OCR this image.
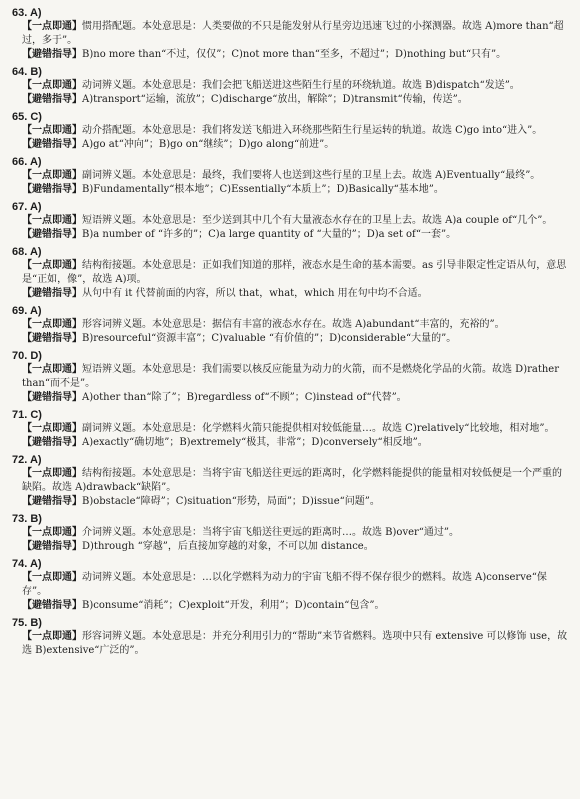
63. A)
【一点即通】惯用搭配题。本处意思是：人类要做的不只是能发射从行星旁边迅速飞过的小探测器。故选 A)more than“超过，多于”。
【避错指导】B)no more than“不过，仅仅”；C)not more than“至多，不超过”；D)nothing but“只有”。
64. B)
【一点即通】动词辨义题。本处意思是：我们会把飞船送进这些陌生行星的环绕轨道。故选 B)dispatch“发送”。
【避错指导】A)transport“运输，流放”；C)discharge“放出，解除”；D)transmit“传输，传送”。
65. C)
【一点即通】动介搭配题。本处意思是：我们将发送飞船进入环绕那些陌生行星运转的轨道。故选 C)go into“进入”。
【避错指导】A)go at“冲向”；B)go on“继续”；D)go along“前进”。
66. A)
【一点即通】副词辨义题。本处意思是：最终，我们要将人也送到这些行星的卫星上去。故选 A)Eventually“最终”。
【避错指导】B)Fundamentally“根本地”；C)Essentially“本质上”；D)Basically“基本地”。
67. A)
【一点即通】短语辨义题。本处意思是：至少送到其中几个有大量液态水存在的卫星上去。故选 A)a couple of“几个”。
【避错指导】B)a number of “许多的”；C)a large quantity of “大量的”；D)a set of“一套”。
68. A)
【一点即通】结构衔接题。本处意思是：正如我们知道的那样，液态水是生命的基本需要。as 引导非限定性定语从句，意思是“正如，像”，故选 A)项。
【避错指导】从句中有 it 代替前面的内容，所以 that，what，which 用在句中均不合适。
69. A)
【一点即通】形容词辨义题。本处意思是：据信有丰富的液态水存在。故选 A)abundant“丰富的，充裕的”。
【避错指导】B)resourceful“资源丰富”；C)valuable “有价值的”；D)considerable“大量的”。
70. D)
【一点即通】短语辨义题。本处意思是：我们需要以核反应能量为动力的火箭，而不是燃烧化学品的火箭。故选 D)rather than“而不是”。
【避错指导】A)other than“除了”；B)regardless of“不顾”；C)instead of“代替”。
71. C)
【一点即通】副词辨义题。本处意思是：化学燃料火箭只能提供相对较低能量…。故选 C)relatively“比较地，相对地”。
【避错指导】A)exactly“确切地”；B)extremely“极其，非常”；D)conversely“相反地”。
72. A)
【一点即通】结构衔接题。本处意思是：当将宇宙飞船送往更远的距离时，化学燃料能提供的能量相对较低便是一个严重的缺陷。故选 A)drawback“缺陷”。
【避错指导】B)obstacle“障碍”；C)situation“形势，局面”；D)issue“问题”。
73. B)
【一点即通】介词辨义题。本处意思是：当将宇宙飞船送往更远的距离时…。故选 B)over“通过”。
【避错指导】D)through “穿越”，后直接加穿越的对象，不可以加 distance。
74. A)
【一点即通】动词辨义题。本处意思是：…以化学燃料为动力的宇宙飞船不得不保存很少的燃料。故选 A)conserve“保存”。
【避错指导】B)consume“消耗”；C)exploit“开发，利用”；D)contain“包含”。
75. B)
【一点即通】形容词辨义题。本处意思是：并充分利用引力的“帮助”来节省燃料。选项中只有 extensive 可以修饰 use，故选 B)extensive“广泛的”。
